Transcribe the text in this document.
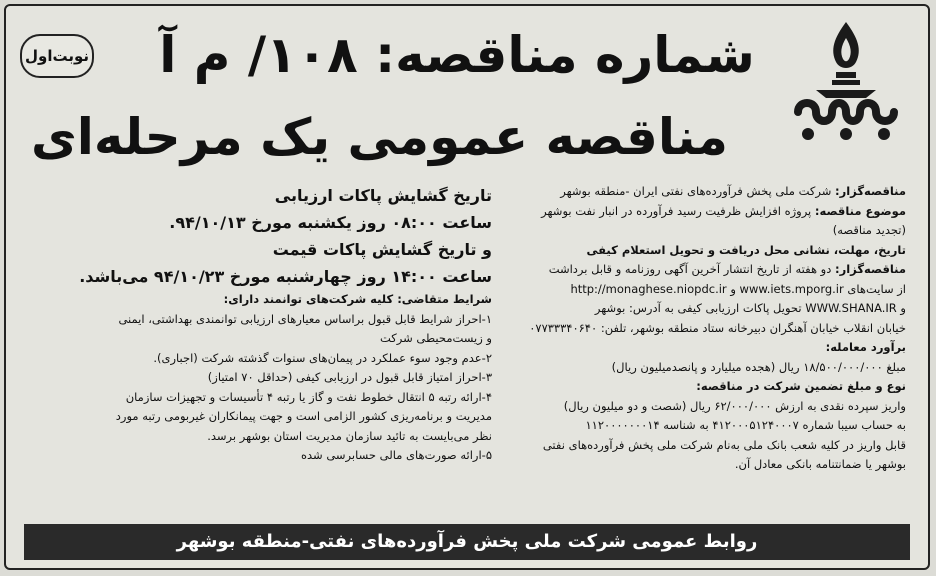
نوبت‌اول شماره مناقصه: ۱۰۸/ م آ
مناقصه عمومی یک مرحله‌ای
مناقصه‌گزار: شرکت ملی پخش فرآورده‌های نفتی ایران -منطقه بوشهر
موضوع مناقصه: پروژه افزایش ظرفیت رسید فرآورده در انبار نفت بوشهر
(تجدید مناقصه)
تاریخ، مهلت، نشانی محل دریافت و تحویل استعلام کیفی
مناقصه‌گزار: دو هفته از تاریخ انتشار آخرین آگهی روزنامه و قابل برداشت
از سایت‌های www.iets.mporg.ir و http://monaghese.niopdc.ir
و WWW.SHANA.IR تحویل پاکات ارزیابی کیفی به آدرس: بوشهر
خیابان انقلاب خیابان آهنگران دبیرخانه ستاد منطقه بوشهر، تلفن: ۰۷۷۳۳۳۴۰۶۴۰
برآورد معامله:
مبلغ ۱۸/۵۰۰/۰۰۰/۰۰۰ ریال (هجده میلیارد و پانصدمیلیون ریال)
نوع و مبلغ تضمین شرکت در مناقصه:
واریز سپرده نقدی به ارزش ۶۲/۰۰۰/۰۰۰ ریال (شصت و دو میلیون ریال)
به حساب سیبا شماره ۴۱۲۰۰۰۵۱۲۴۰۰۰۷ به شناسه ۱۱۲۰۰۰۰۰۰۰۱۴
قابل واریز در کلیه شعب بانک ملی به‌نام شرکت ملی پخش فرآورده‌های نفتی
بوشهر یا ضمانتنامه بانکی معادل آن.
تاریخ گشایش پاکات ارزیابی
ساعت ۰۸:۰۰ روز یکشنبه مورخ ۹۴/۱۰/۱۳.
و تاریخ گشایش پاکات قیمت
ساعت ۱۴:۰۰ روز چهارشنبه مورخ ۹۴/۱۰/۲۳ می‌باشد.
شرایط متقاضی: کلیه شرکت‌های توانمند دارای:
۱-احراز شرایط قابل قبول براساس معیارهای ارزیابی توانمندی بهداشتی، ایمنی
و زیست‌محیطی شرکت
۲-عدم وجود سوء عملکرد در پیمان‌های سنوات گذشته شرکت (اجباری).
۳-احراز امتیاز قابل قبول در ارزیابی کیفی (حداقل ۷۰ امتیاز)
۴-ارائه رتبه ۵ انتقال خطوط نفت و گاز یا رتبه ۴ تأسیسات و تجهیزات سازمان
مدیریت و برنامه‌ریزی کشور الزامی است و جهت پیمانکاران غیربومی رتبه مورد
نظر می‌بایست به تائید سازمان مدیریت استان بوشهر برسد.
۵-ارائه صورت‌های مالی حسابرسی شده
روابط عمومی شرکت ملی پخش فرآورده‌های نفتی-منطقه بوشهر
